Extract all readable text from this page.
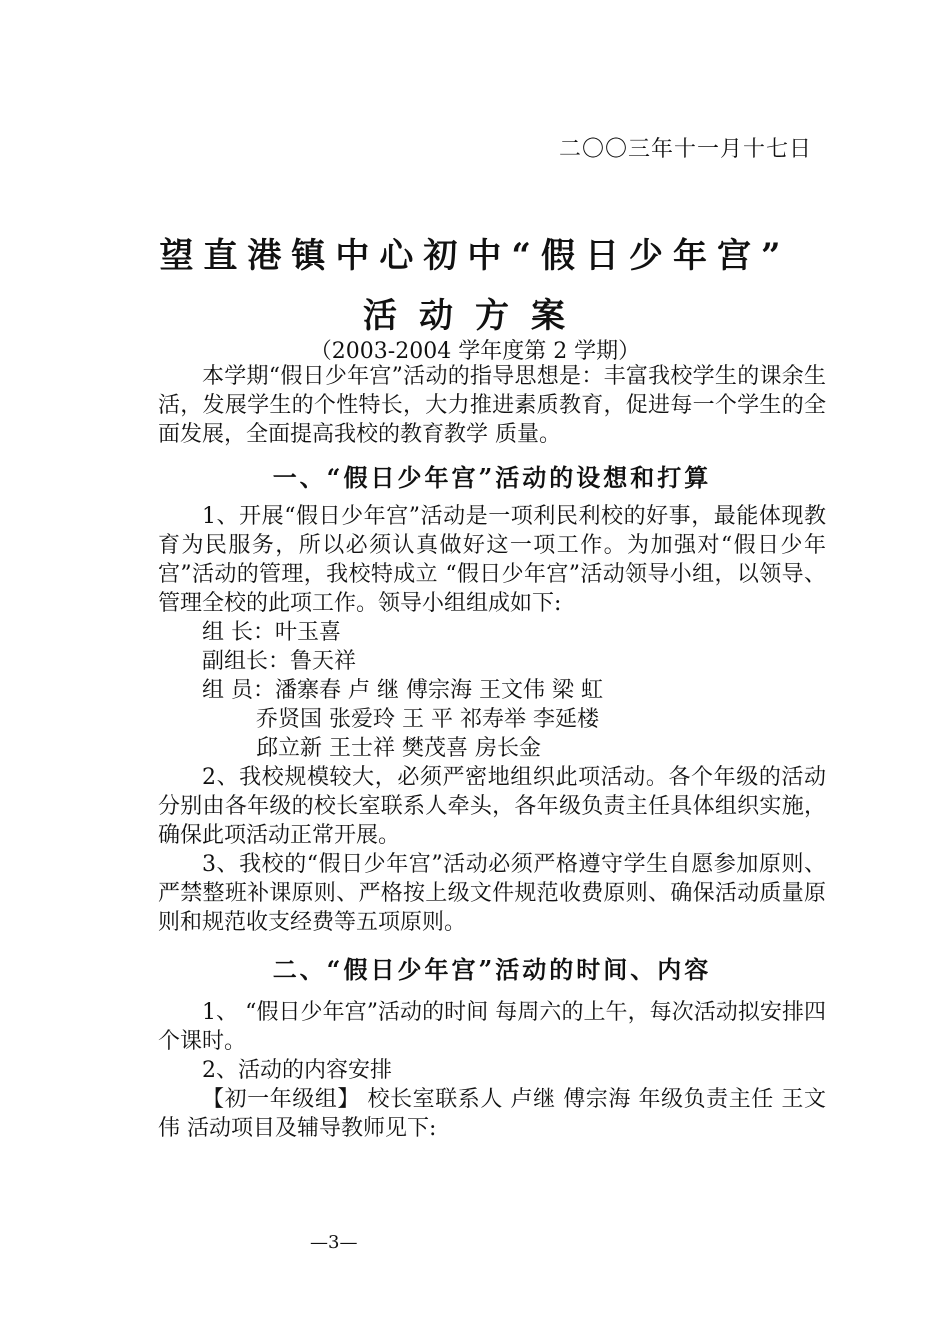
二〇〇三年十一月十七日
望直港镇中心初中“假日少年宫”
活动方案
（2003-2004 学年度第 2 学期）

本学期“假日少年宫”活动的指导思想是：丰富我校学生的课余生活，发展学生的个性特长，大力推进素质教育，促进每一个学生的全面发展，全面提高我校的教育教学 质量。

一、“假日少年宫”活动的设想和打算

1、开展“假日少年宫”活动是一项利民利校的好事，最能体现教育为民服务，所以必须认真做好这一项工作。为加强对“假日少年宫”活动的管理，我校特成立 “假日少年宫”活动领导小组，以领导、管理全校的此项工作。领导小组组成如下:

组 长：叶玉喜

副组长：鲁天祥

组 员：潘寨春 卢 继 傅宗海 王文伟 梁 虹

乔贤国 张爱玲 王 平 祁寿举 李延楼

邱立新 王士祥 樊茂喜 房长金

2、我校规模较大，必须严密地组织此项活动。各个年级的活动分别由各年级的校长室联系人牵头，各年级负责主任具体组织实施，确保此项活动正常开展。

3、我校的“假日少年宫”活动必须严格遵守学生自愿参加原则、严禁整班补课原则、严格按上级文件规范收费原则、确保活动质量原则和规范收支经费等五项原则。

二、“假日少年宫”活动的时间、内容

1、 “假日少年宫”活动的时间 每周六的上午，每次活动拟安排四个课时。

2、活动的内容安排

【初一年级组】 校长室联系人 卢继 傅宗海 年级负责主任 王文伟 活动项目及辅导教师见下:

—3—
